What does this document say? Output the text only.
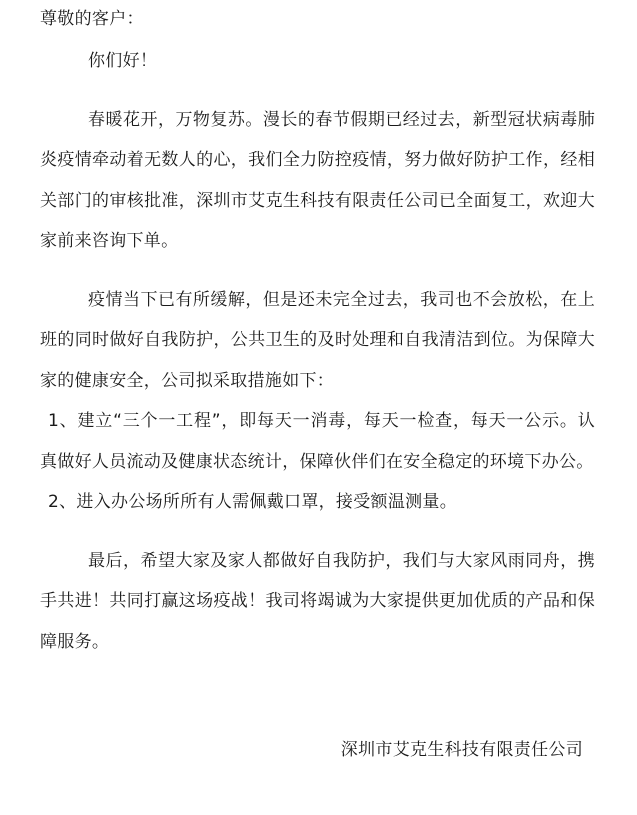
尊敬的客户：

你们好！

春暖花开，万物复苏。漫长的春节假期已经过去，新型冠状病毒肺炎疫情牵动着无数人的心，我们全力防控疫情，努力做好防护工作，经相关部门的审核批准，深圳市艾克生科技有限责任公司已全面复工，欢迎大家前来咨询下单。

疫情当下已有所缓解，但是还未完全过去，我司也不会放松，在上班的同时做好自我防护，公共卫生的及时处理和自我清洁到位。为保障大家的健康安全，公司拟采取措施如下：

1、建立“三个一工程”，即每天一消毒，每天一检查，每天一公示。认真做好人员流动及健康状态统计，保障伙伴们在安全稳定的环境下办公。

2、进入办公场所所有人需佩戴口罩，接受额温测量。

最后，希望大家及家人都做好自我防护，我们与大家风雨同舟，携手共进！共同打赢这场疫战！我司将竭诚为大家提供更加优质的产品和保障服务。

深圳市艾克生科技有限责任公司
